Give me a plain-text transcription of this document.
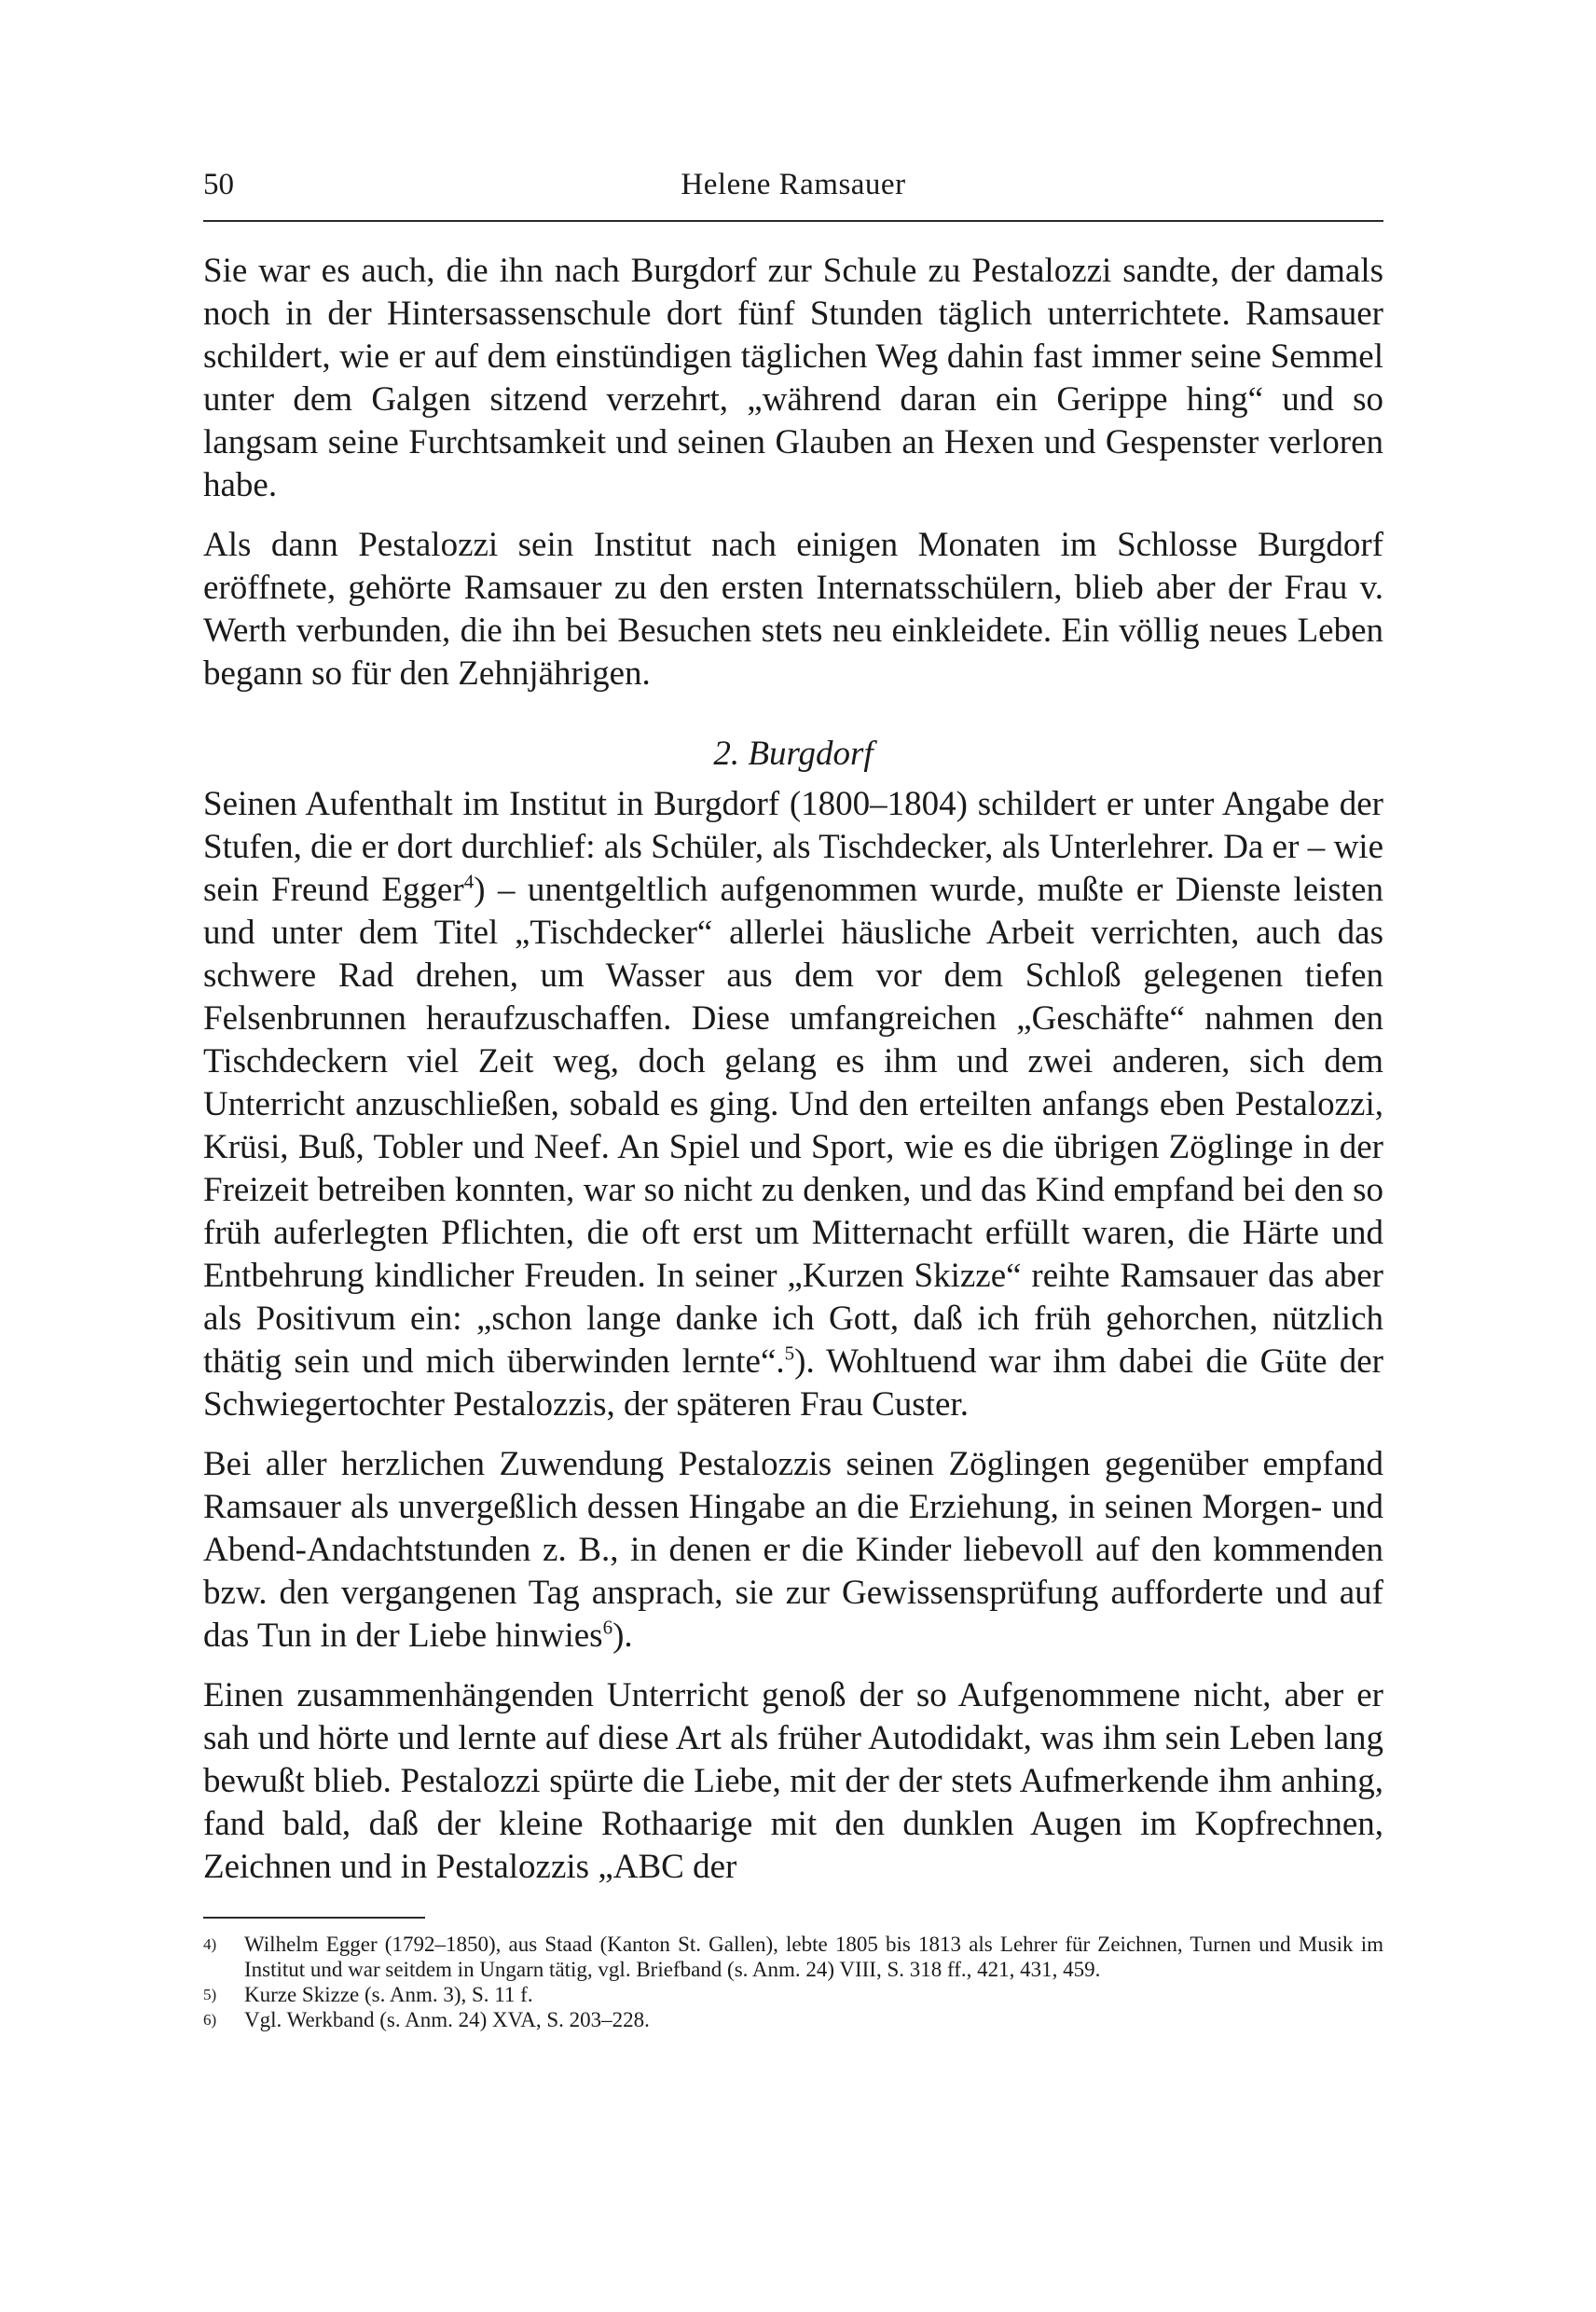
50	Helene Ramsauer

Sie war es auch, die ihn nach Burgdorf zur Schule zu Pestalozzi sandte, der damals noch in der Hintersassenschule dort fünf Stunden täglich unterrichtete. Ramsauer schildert, wie er auf dem einstündigen täglichen Weg dahin fast immer seine Semmel unter dem Galgen sitzend verzehrt, „während daran ein Gerippe hing“ und so langsam seine Furchtsamkeit und seinen Glauben an Hexen und Gespenster verloren habe.

Als dann Pestalozzi sein Institut nach einigen Monaten im Schlosse Burgdorf eröffnete, gehörte Ramsauer zu den ersten Internatsschülern, blieb aber der Frau v. Werth verbunden, die ihn bei Besuchen stets neu einkleidete. Ein völlig neues Leben begann so für den Zehnjährigen.

2. Burgdorf

Seinen Aufenthalt im Institut in Burgdorf (1800–1804) schildert er unter Angabe der Stufen, die er dort durchlief: als Schüler, als Tischdecker, als Unterlehrer. Da er – wie sein Freund Egger$^4$) – unentgeltlich aufgenommen wurde, mußte er Dienste leisten und unter dem Titel „Tischdecker“ allerlei häusliche Arbeit verrichten, auch das schwere Rad drehen, um Wasser aus dem vor dem Schloß gelegenen tiefen Felsenbrunnen heraufzuschaffen. Diese umfangreichen „Geschäfte“ nahmen den Tischdeckern viel Zeit weg, doch gelang es ihm und zwei anderen, sich dem Unterricht anzuschließen, sobald es ging. Und den erteilten anfangs eben Pestalozzi, Krüsi, Buß, Tobler und Neef. An Spiel und Sport, wie es die übrigen Zöglinge in der Freizeit betreiben konnten, war so nicht zu denken, und das Kind empfand bei den so früh auferlegten Pflichten, die oft erst um Mitternacht erfüllt waren, die Härte und Entbehrung kindlicher Freuden. In seiner „Kurzen Skizze“ reihte Ramsauer das aber als Positivum ein: „schon lange danke ich Gott, daß ich früh gehorchen, nützlich thätig sein und mich überwinden lernte“.$^5$). Wohltuend war ihm dabei die Güte der Schwiegertochter Pestalozzis, der späteren Frau Custer.

Bei aller herzlichen Zuwendung Pestalozzis seinen Zöglingen gegenüber empfand Ramsauer als unvergeßlich dessen Hingabe an die Erziehung, in seinen Morgen- und Abend-Andachtstunden z. B., in denen er die Kinder liebevoll auf den kommenden bzw. den vergangenen Tag ansprach, sie zur Gewissensprüfung aufforderte und auf das Tun in der Liebe hinwies$^6$).

Einen zusammenhängenden Unterricht genoß der so Aufgenommene nicht, aber er sah und hörte und lernte auf diese Art als früher Autodidakt, was ihm sein Leben lang bewußt blieb. Pestalozzi spürte die Liebe, mit der der stets Aufmerkende ihm anhing, fand bald, daß der kleine Rothaarige mit den dunklen Augen im Kopfrechnen, Zeichnen und in Pestalozzis „ABC der

4) Wilhelm Egger (1792–1850), aus Staad (Kanton St. Gallen), lebte 1805 bis 1813 als Lehrer für Zeichnen, Turnen und Musik im Institut und war seitdem in Ungarn tätig, vgl. Briefband (s. Anm. 24) VIII, S. 318 ff., 421, 431, 459.

5) Kurze Skizze (s. Anm. 3), S. 11 f.

6) Vgl. Werkband (s. Anm. 24) XVA, S. 203–228.
